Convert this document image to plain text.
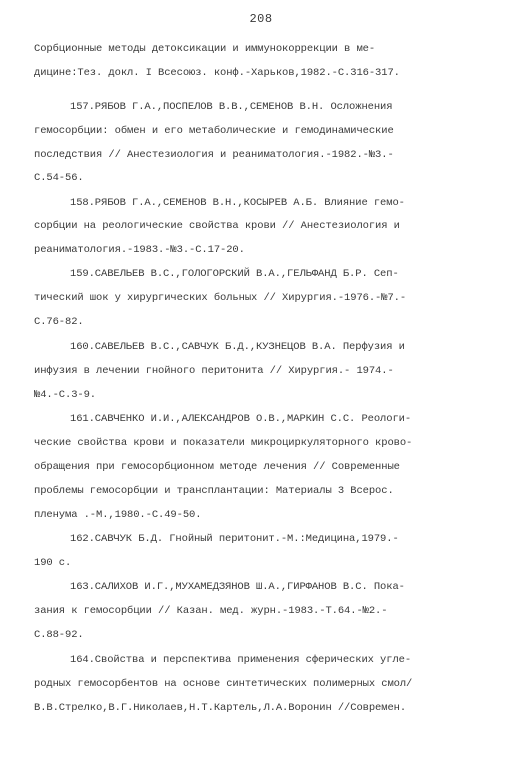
208
Сорбционные методы детоксикации и иммунокоррекции в ме-
дицине:Тез. докл. I Всесоюз. конф.-Харьков,1982.-С.316-317.
157.РЯБОВ Г.А.,ПОСПЕЛОВ В.В.,СЕМЕНОВ В.Н. Осложнения
гемосорбции: обмен и его метаболические и гемодинамические
последствия // Анестезиология и реаниматология.-1982.-№3.-
С.54-56.
158.РЯБОВ Г.А.,СЕМЕНОВ В.Н.,КОСЫРЕВ А.Б. Влияние гемо-
сорбции на реологические свойства крови // Анестезиология и
реаниматология.-1983.-№3.-С.17-20.
159.САВЕЛЬЕВ В.С.,ГОЛОГОРСКИЙ В.А.,ГЕЛЬФАНД Б.Р. Сеп-
тический шок у хирургических больных // Хирургия.-1976.-№7.-
С.76-82.
160.САВЕЛЬЕВ В.С.,САВЧУК Б.Д.,КУЗНЕЦОВ В.А. Перфузия и
инфузия в лечении гнойного перитонита // Хирургия.- 1974.-
№4.-С.3-9.
161.САВЧЕНКО И.И.,АЛЕКСАНДРОВ О.В.,МАРКИН С.С. Реологи-
ческие свойства крови и показатели микроциркуляторного крово-
обращения при гемосорбционном методе лечения // Современные
проблемы гемосорбции и трансплантации: Материалы 3 Всерос.
пленума .-М.,1980.-С.49-50.
162.САВЧУК Б.Д. Гнойный перитонит.-М.:Медицина,1979.-
190 с.
163.САЛИХОВ И.Г.,МУХАМЕДЗЯНОВ Ш.А.,ГИРФАНОВ В.С. Пока-
зания к гемосорбции // Казан. мед. журн.-1983.-Т.64.-№2.-
С.88-92.
164.Свойства и перспектива применения сферических угле-
родных гемосорбентов на основе синтетических полимерных смол/
В.В.Стрелко,В.Г.Николаев,Н.Т.Картель,Л.А.Воронин //Современ.
